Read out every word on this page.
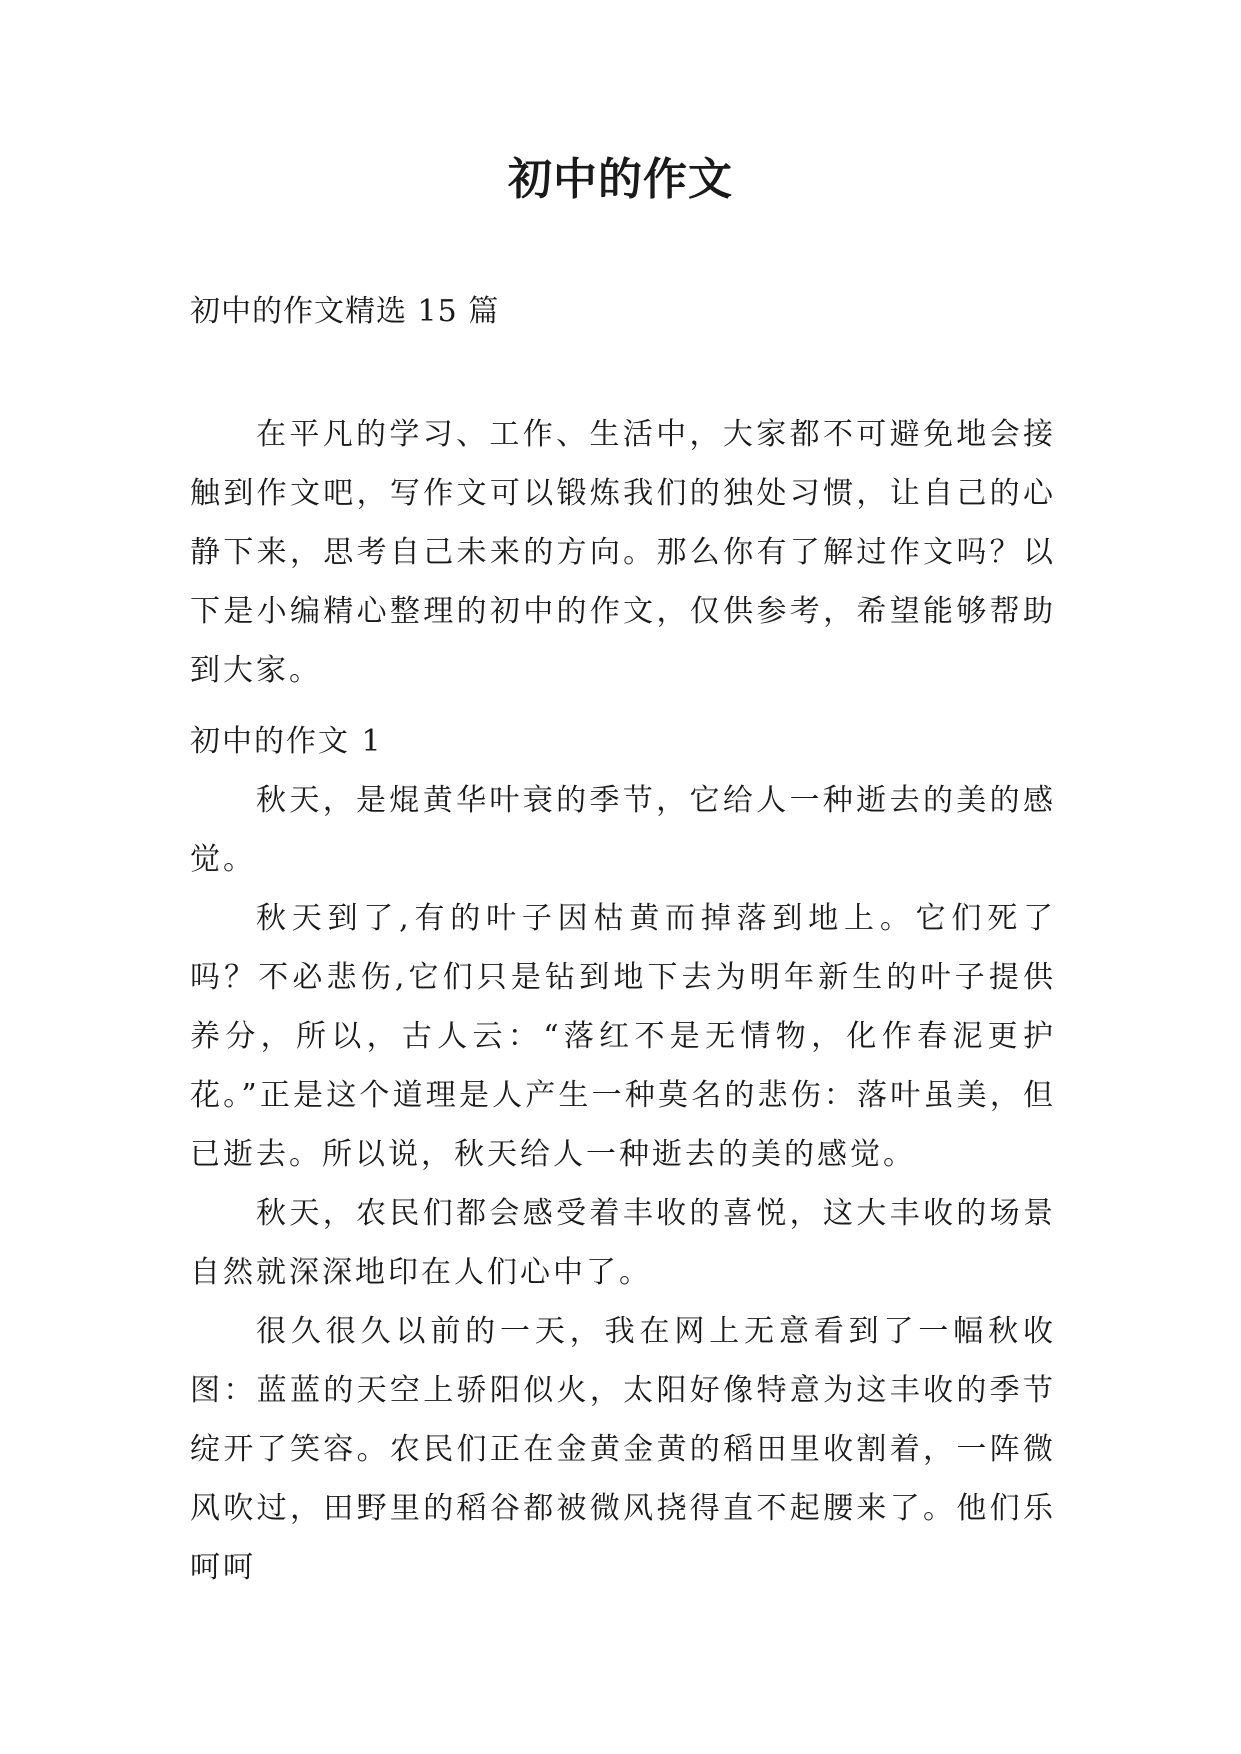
初中的作文
初中的作文精选 15 篇

在平凡的学习、工作、生活中，大家都不可避免地会接触到作文吧，写作文可以锻炼我们的独处习惯，让自己的心静下来，思考自己未来的方向。那么你有了解过作文吗？以下是小编精心整理的初中的作文，仅供参考，希望能够帮助到大家。

初中的作文 1

秋天，是焜黄华叶衰的季节，它给人一种逝去的美的感觉。

秋天到了,有的叶子因枯黄而掉落到地上。它们死了吗？不必悲伤,它们只是钻到地下去为明年新生的叶子提供养分，所以，古人云：“落红不是无情物，化作春泥更护花。”正是这个道理是人产生一种莫名的悲伤：落叶虽美，但已逝去。所以说，秋天给人一种逝去的美的感觉。

秋天，农民们都会感受着丰收的喜悦，这大丰收的场景自然就深深地印在人们心中了。

很久很久以前的一天，我在网上无意看到了一幅秋收图：蓝蓝的天空上骄阳似火，太阳好像特意为这丰收的季节绽开了笑容。农民们正在金黄金黄的稻田里收割着，一阵微风吹过，田野里的稻谷都被微风挠得直不起腰来了。他们乐呵呵
